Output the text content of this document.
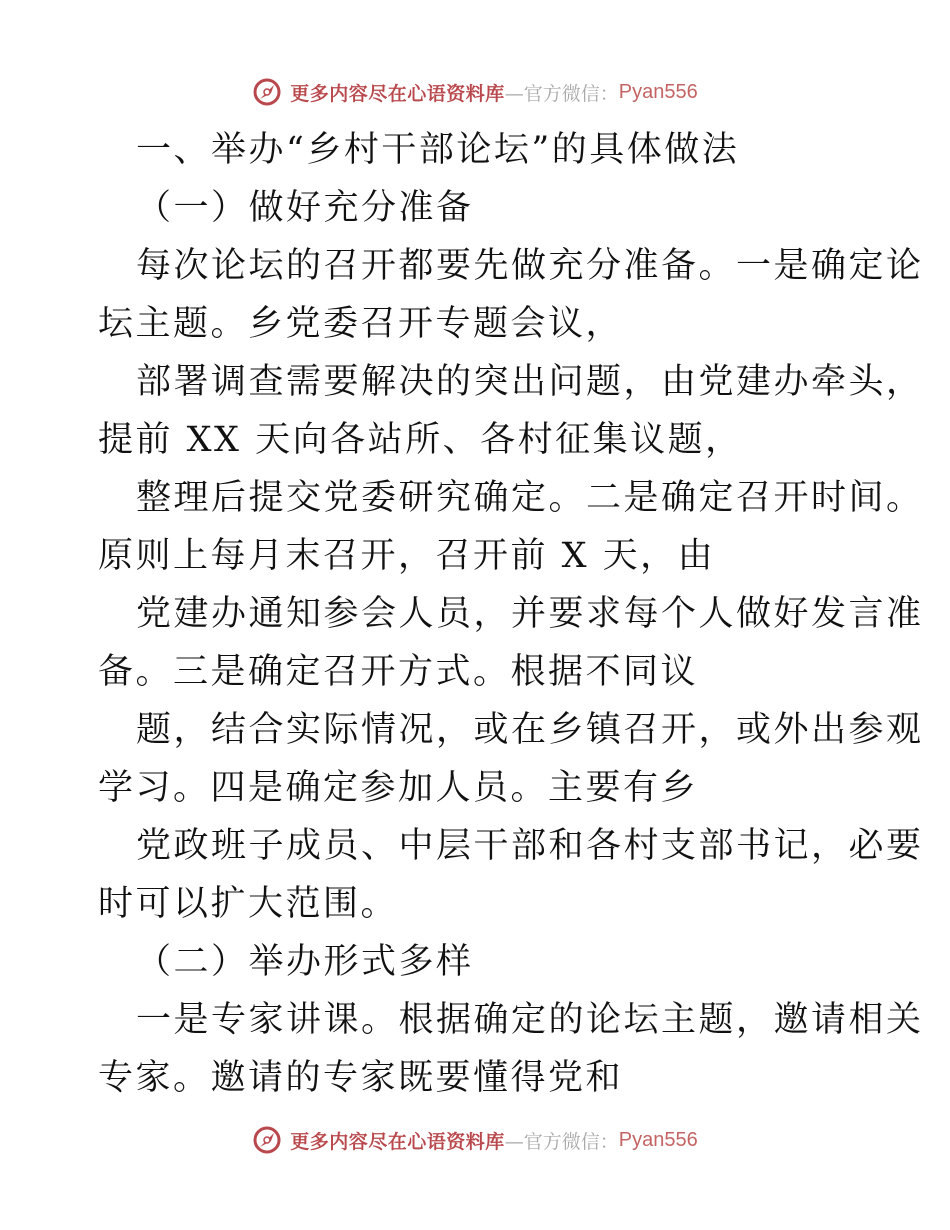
更多内容尽在心语资料库 —官方微信： Pyan556
一、举办“乡村干部论坛”的具体做法
（一）做好充分准备
每次论坛的召开都要先做充分准备。一是确定论
坛主题。乡党委召开专题会议，
部署调查需要解决的突出问题，由党建办牵头，
提前 XX 天向各站所、各村征集议题，
整理后提交党委研究确定。二是确定召开时间。
原则上每月末召开，召开前 X 天，由
党建办通知参会人员，并要求每个人做好发言准
备。三是确定召开方式。根据不同议
题，结合实际情况，或在乡镇召开，或外出参观
学习。四是确定参加人员。主要有乡
党政班子成员、中层干部和各村支部书记，必要
时可以扩大范围。
（二）举办形式多样
一是专家讲课。根据确定的论坛主题，邀请相关
专家。邀请的专家既要懂得党和
更多内容尽在心语资料库 —官方微信： Pyan556
